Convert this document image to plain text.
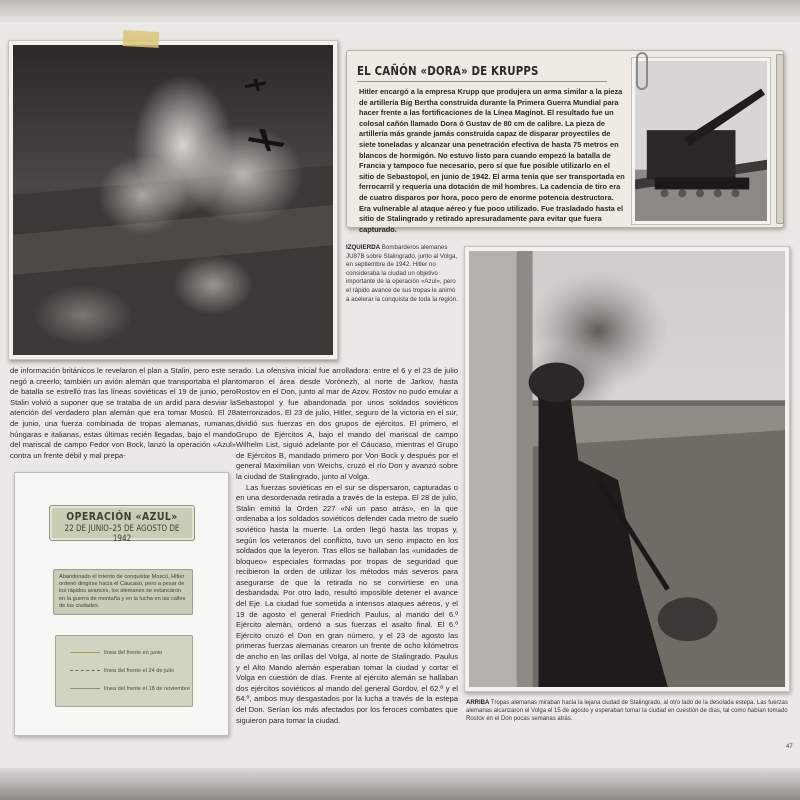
EL CAÑÓN «DORA» DE KRUPPS
Hitler encargó a la empresa Krupp que produjera un arma similar a la pieza de artillería Big Bertha construida durante la Primera Guerra Mundial para hacer frente a las fortificaciones de la Línea Maginot. El resultado fue un colosal cañón llamado Dora ó Gustav de 80 cm de calibre. La pieza de artillería más grande jamás construida capaz de disparar proyectiles de siete toneladas y alcanzar una penetración efectiva de hasta 75 metros en blancos de hormigón. No estuvo listo para cuando empezó la batalla de Francia y tampoco fue necesario, pero sí que fue posible utilizarlo en el sitio de Sebastopol, en junio de 1942. El arma tenía que ser transportada en ferrocarril y requería una dotación de mil hombres. La cadencia de tiro era de cuatro disparos por hora, poco pero de enorme potencia destructora. Era vulnerable al ataque aéreo y fue poco utilizado. Fue trasladado hasta el sitio de Stalingrado y retirado apresuradamente para evitar que fuera capturado.
IZQUIERDA Bombarderos alemanes JU87B sobre Stalingrado, junto al Volga, en septiembre de 1942. Hitler no consideraba la ciudad un objetivo importante de la operación «Azul», pero el rápido avance de sus tropas le animó a acelerar la conquista de toda la región.
ARRIBA Tropas alemanas miraban hacia la lejana ciudad de Stalingrado, al otro lado de la desolada estepa. Las fuerzas alemanas alcanzaron el Volga el 15 de agosto y esperaban tomar la ciudad en cuestión de días, tal como habían tomado Rostov en el Don pocas semanas atrás.
47

de información británicos le revelaron el plan a Stalin, pero este se negó a creerlo; también un avión alemán que transportaba el plan de batalla se estrelló tras las líneas soviéticas el 19 de junio, pero Stalin volvió a suponer que se trataba de un ardid para desviar la atención del verdadero plan alemán que era tomar Moscú. El 28 de junio, una fuerza combinada de tropas alemanas, rumanas, húngaras e italianas, estas últimas recién llegadas, bajo el mando del mariscal de campo Fedor von Bock, lanzó la operación «Azul» contra un frente débil y mal prepa-

rado. La ofensiva inicial fue arrolladora: entre el 6 y el 23 de julio tomaron el área desde Vorónezh, al norte de Jarkov, hasta Rostov en el Don, junto al mar de Azov. Rostov no pudo emular a Sebastopol y fue abandonada por unos soldados soviéticos aterrorizados. El 23 de julio, Hitler, seguro de la victoria en el sur, dividió sus fuerzas en dos grupos de ejércitos. El primero, el Grupo de Ejércitos A, bajo el mando del mariscal de campo Wilhelm List, siguió adelante por el Cáucaso, mientras el Grupo de Ejércitos B, mandado primero por Von Bock y después por el general Maximilian von Weichs, cruzó el río Don y avanzó sobre la ciudad de Stalingrado, junto al Volga.

Las fuerzas soviéticas en el sur se dispersaron, capturadas o en una desordenada retirada a través de la estepa. El 28 de julio, Stalin emitió la Orden 227 «Ni un paso atrás», en la que ordenaba a los soldados soviéticos defender cada metro de suelo soviético hasta la muerte. La orden llegó hasta las tropas y, según los veteranos del conflicto, tuvo un serio impacto en los soldados que la leyeron. Tras ellos se hallaban las «unidades de bloqueo» especiales formadas por tropas de seguridad que recibieron la orden de utilizar los métodos más severos para asegurarse de que la retirada no se convirtiese en una desbandada. Por otro lado, resultó imposible detener el avance del Eje. La ciudad fue sometida a intensos ataques aéreos, y el 19 de agosto el general Friedrich Paulus, al mando del 6.º Ejército alemán, ordenó a sus fuerzas el asalto final. El 6.º Ejército cruzó el Don en gran número, y el 23 de agosto las primeras fuerzas alemanas crearon un frente de ocho kilómetros de ancho en las orillas del Volga, al norte de Stalingrado. Paulus y el Alto Mando alemán esperaban tomar la ciudad y cortar el Volga en cuestión de días. Frente al ejército alemán se hallaban dos ejércitos soviéticos al mando del general Gordov, el 62.º y el 64.º, ambos muy desgastados por la lucha a través de la estepa del Don. Serían los más afectados por los feroces combates que siguieron para tomar la ciudad.

OPERACIÓN «AZUL»
22 DE JUNIO–25 DE AGOSTO DE 1942
Abandonado el intento de conquistar Moscú, Hitler ordenó dirigirse hacia el Cáucaso, pero a pesar de los rápidos avances, los alemanes se estancaron en la guerra de montaña y en la lucha en las calles de las ciudades.
línea del frente en junio
línea del frente el 24 de julio
línea del frente el 18 de noviembre
